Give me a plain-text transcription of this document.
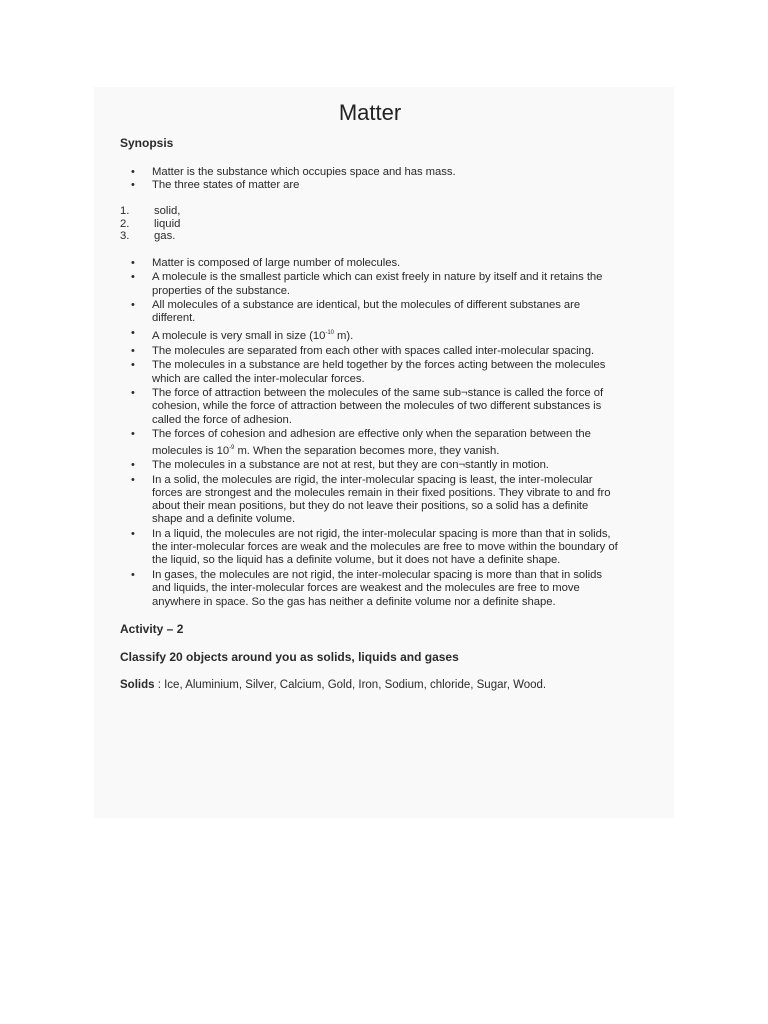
Matter
Synopsis
• Matter is the substance which occupies space and has mass.
• The three states of matter are
1. solid,
2. liquid
3. gas.
• Matter is composed of large number of molecules.
• A molecule is the smallest particle which can exist freely in nature by itself and it retains the properties of the substance.
• All molecules of a substance are identical, but the molecules of different substanes are different.
• A molecule is very small in size ($10^{-10}$ m).
• The molecules are separated from each other with spaces called inter-molecular spacing.
• The molecules in a substance are held together by the forces acting between the molecules which are called the inter-molecular forces.
• The force of attraction between the molecules of the same sub¬stance is called the force of cohesion, while the force of attraction between the molecules of two different substances is called the force of adhesion.
• The forces of cohesion and adhesion are effective only when the separation between the molecules is $10^{-9}$ m. When the separation becomes more, they vanish.
• The molecules in a substance are not at rest, but they are con¬stantly in motion.
• In a solid, the molecules are rigid, the inter-molecular spacing is least, the inter-molecular forces are strongest and the molecules remain in their fixed positions. They vibrate to and fro about their mean positions, but they do not leave their positions, so a solid has a definite shape and a definite volume.
• In a liquid, the molecules are not rigid, the inter-molecular spacing is more than that in solids, the inter-molecular forces are weak and the molecules are free to move within the boundary of the liquid, so the liquid has a definite volume, but it does not have a definite shape.
• In gases, the molecules are not rigid, the inter-molecular spacing is more than that in solids and liquids, the inter-molecular forces are weakest and the molecules are free to move anywhere in space. So the gas has neither a definite volume nor a definite shape.
Activity – 2
Classify 20 objects around you as solids, liquids and gases
Solids : Ice, Aluminium, Silver, Calcium, Gold, Iron, Sodium, chloride, Sugar, Wood.
